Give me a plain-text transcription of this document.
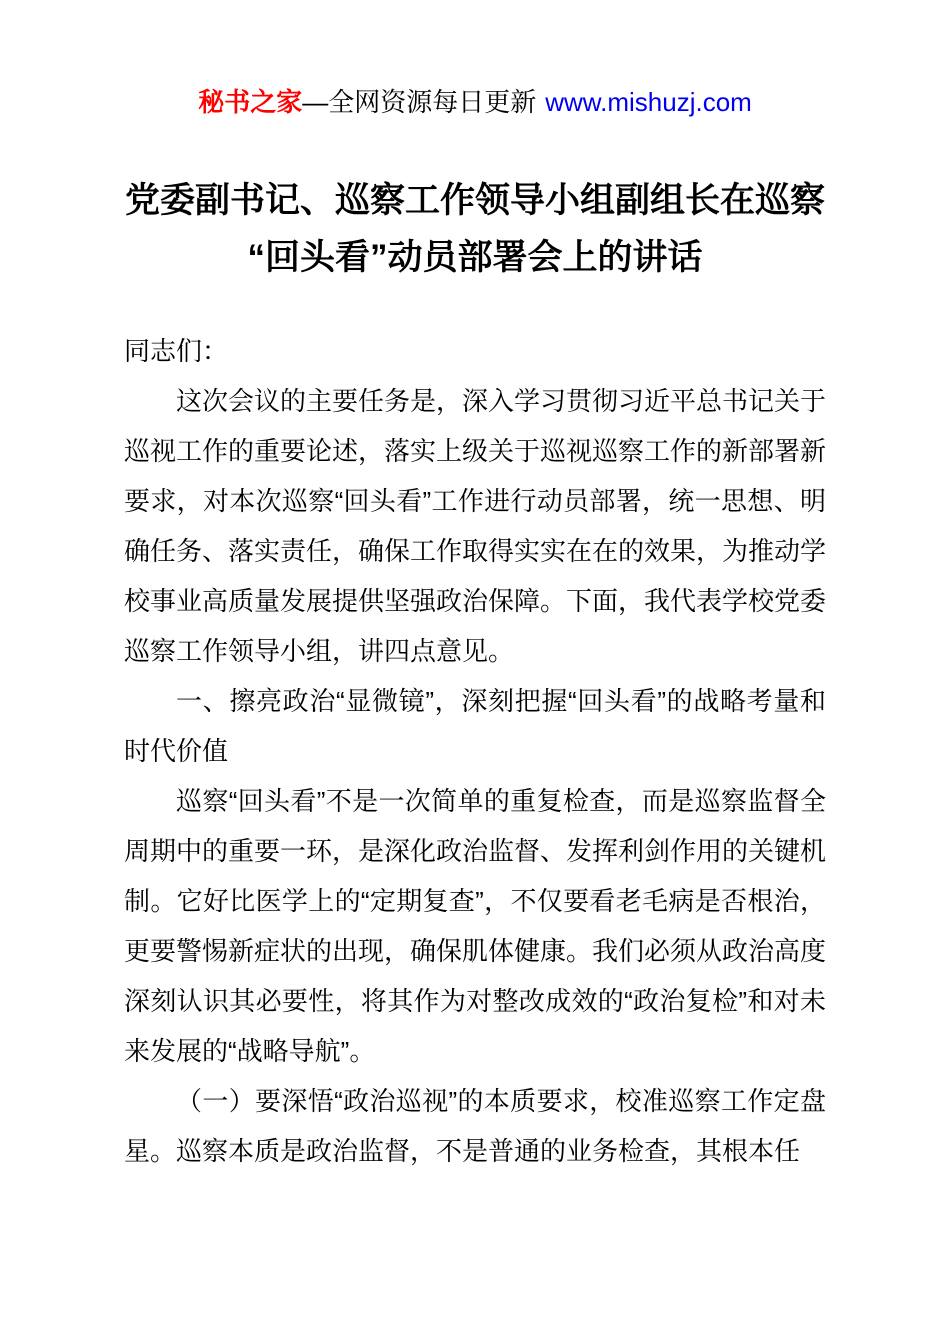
秘书之家—全网资源每日更新 www.mishuzj.com
党委副书记、巡察工作领导小组副组长在巡察
“回头看”动员部署会上的讲话

同志们：

这次会议的主要任务是，深入学习贯彻习近平总书记关于巡视工作的重要论述，落实上级关于巡视巡察工作的新部署新要求，对本次巡察“回头看”工作进行动员部署，统一思想、明确任务、落实责任，确保工作取得实实在在的效果，为推动学校事业高质量发展提供坚强政治保障。下面，我代表学校党委巡察工作领导小组，讲四点意见。

一、擦亮政治“显微镜”，深刻把握“回头看”的战略考量和时代价值

巡察“回头看”不是一次简单的重复检查，而是巡察监督全周期中的重要一环，是深化政治监督、发挥利剑作用的关键机制。它好比医学上的“定期复查”，不仅要看老毛病是否根治，更要警惕新症状的出现，确保肌体健康。我们必须从政治高度深刻认识其必要性，将其作为对整改成效的“政治复检”和对未来发展的“战略导航”。

（一）要深悟“政治巡视”的本质要求，校准巡察工作定盘星。巡察本质是政治监督，不是普通的业务检查，其根本任
